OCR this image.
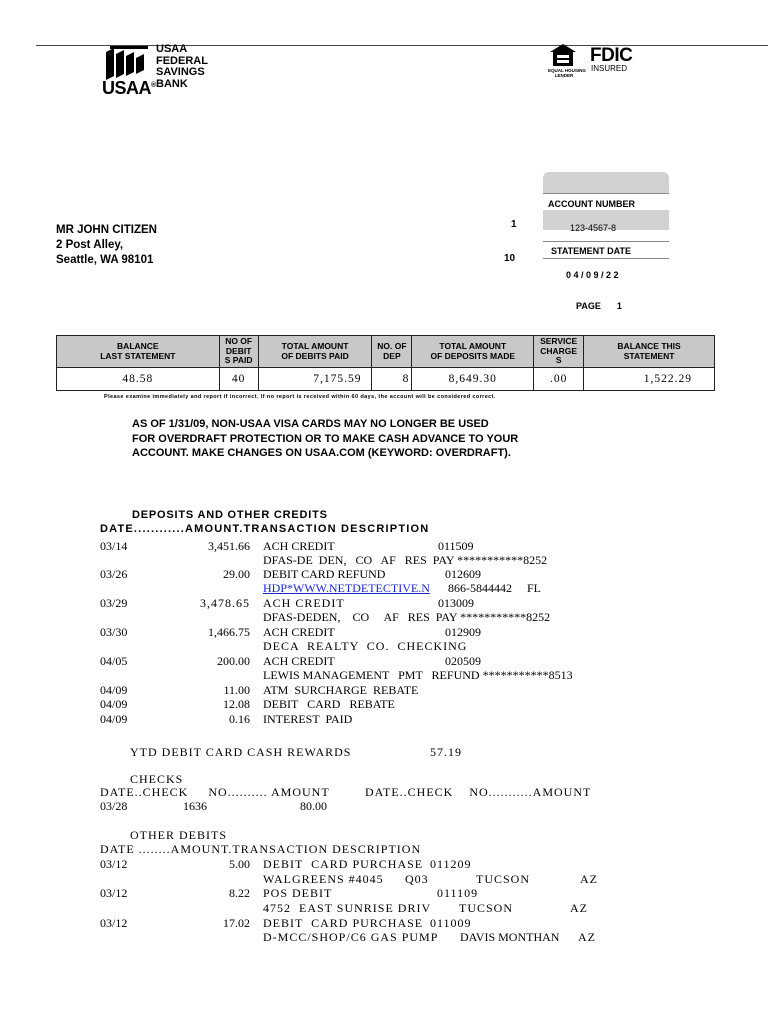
USAA
FEDERAL
SAVINGS
BANK
USAA®
EQUAL HOUSING
LENDER
FDIC
INSURED
MR JOHN CITIZEN
2 Post Alley,
Seattle, WA 98101
1
10
ACCOUNT NUMBER
123-4567-8
STATEMENT DATE
0 4 / 0 9 / 2 2
PAGE 1
BALANCE
LAST STATEMENT	NO OF
DEBIT
S PAID	TOTAL AMOUNT
OF DEBITS PAID	NO. OF
DEP	TOTAL AMOUNT
OF DEPOSITS MADE	SERVICE
CHARGE
S	BALANCE THIS
STATEMENT
48.58	40	7,175.59	8	8,649.30	.00	1,522.29
Please examine immediately and report if incorrect. If no report is received within 60 days, the account will be considered correct.
AS OF 1/31/09, NON-USAA VISA CARDS MAY NO LONGER BE USED
FOR OVERDRAFT PROTECTION OR TO MAKE CASH ADVANCE TO YOUR
ACCOUNT. MAKE CHANGES ON USAA.COM (KEYWORD: OVERDRAFT).
DEPOSITS AND OTHER CREDITS
DATE............AMOUNT.TRANSACTION DESCRIPTION
03/14	3,451.66 ACH CREDIT	011509
DFAS-DE  DEN,   CO   AF   RES  PAY ***********8252
03/26	29.00 DEBIT CARD REFUND	012609
HDP*WWW.NETDETECTIVE.N 866-5844442     FL
03/29	3,478.65 ACH CREDIT	013009
DFAS-DEDEN,    CO     AF   RES  PAY ***********8252
03/30	1,466.75 ACH CREDIT	012909
DECA  REALTY  CO.  CHECKING
04/05	200.00 ACH CREDIT	020509
LEWIS MANAGEMENT   PMT   REFUND ***********8513
04/09	11.00 ATM  SURCHARGE  REBATE
04/09	12.08 DEBIT   CARD   REBATE
04/09	0.16 INTEREST  PAID
YTD DEBIT CARD CASH REWARDS	57.19
CHECKS
DATE..CHECK     NO.......... AMOUNT	DATE..CHECK    NO...........AMOUNT
03/28	1636	80.00
OTHER DEBITS
DATE ........AMOUNT.TRANSACTION DESCRIPTION
03/12	5.00 DEBIT  CARD PURCHASE 011209
WALGREENS #4045 Q03	TUCSON	AZ
03/12	8.22 POS DEBIT	011109
4752  EAST SUNRISE DRIV TUCSON	AZ
03/12	17.02 DEBIT  CARD PURCHASE 011009
D-MCC/SHOP/C6 GAS PUMP DAVIS MONTHAN AZ
